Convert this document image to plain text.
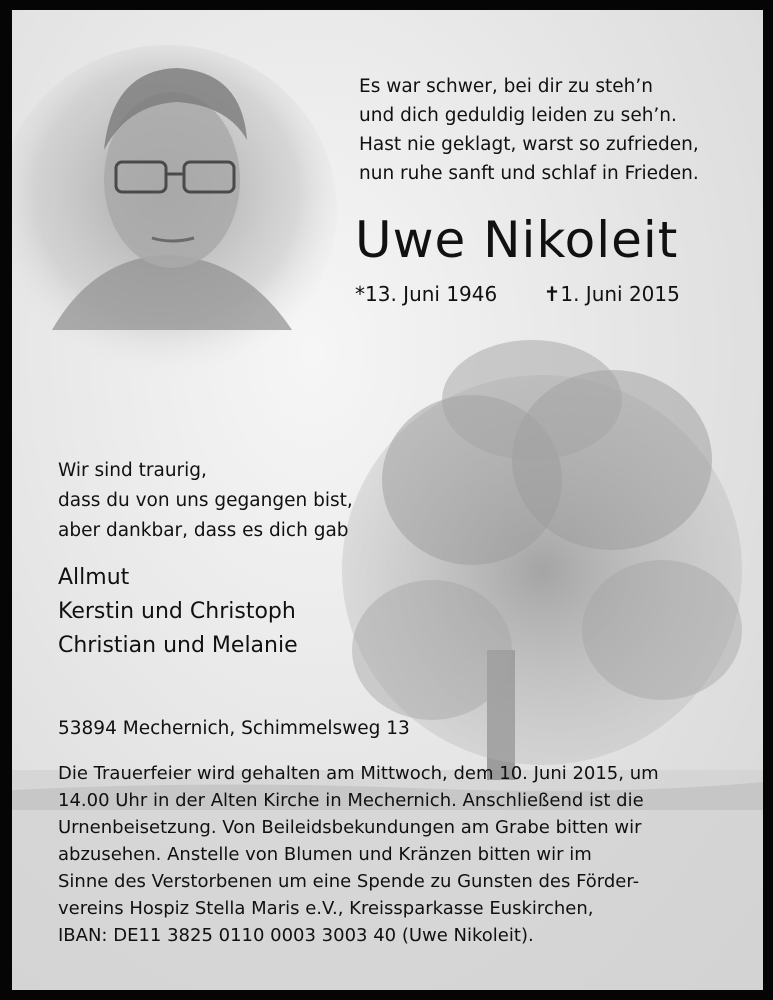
Es war schwer, bei dir zu steh’n
und dich geduldig leiden zu seh’n.
Hast nie geklagt, warst so zufrieden,
nun ruhe sanft und schlaf in Frieden.
Uwe Nikoleit
*13. Juni 1946 ✝1. Juni 2015
Wir sind traurig,
dass du von uns gegangen bist,
aber dankbar, dass es dich gab
Allmut
Kerstin und Christoph
Christian und Melanie
53894 Mechernich, Schimmelsweg 13
Die Trauerfeier wird gehalten am Mittwoch, dem 10. Juni 2015, um
14.00 Uhr in der Alten Kirche in Mechernich. Anschließend ist die
Urnenbeisetzung. Von Beileidsbekundungen am Grabe bitten wir
abzusehen. Anstelle von Blumen und Kränzen bitten wir im
Sinne des Verstorbenen um eine Spende zu Gunsten des Förder-
vereins Hospiz Stella Maris e.V., Kreissparkasse Euskirchen,
IBAN: DE11 3825 0110 0003 3003 40 (Uwe Nikoleit).
